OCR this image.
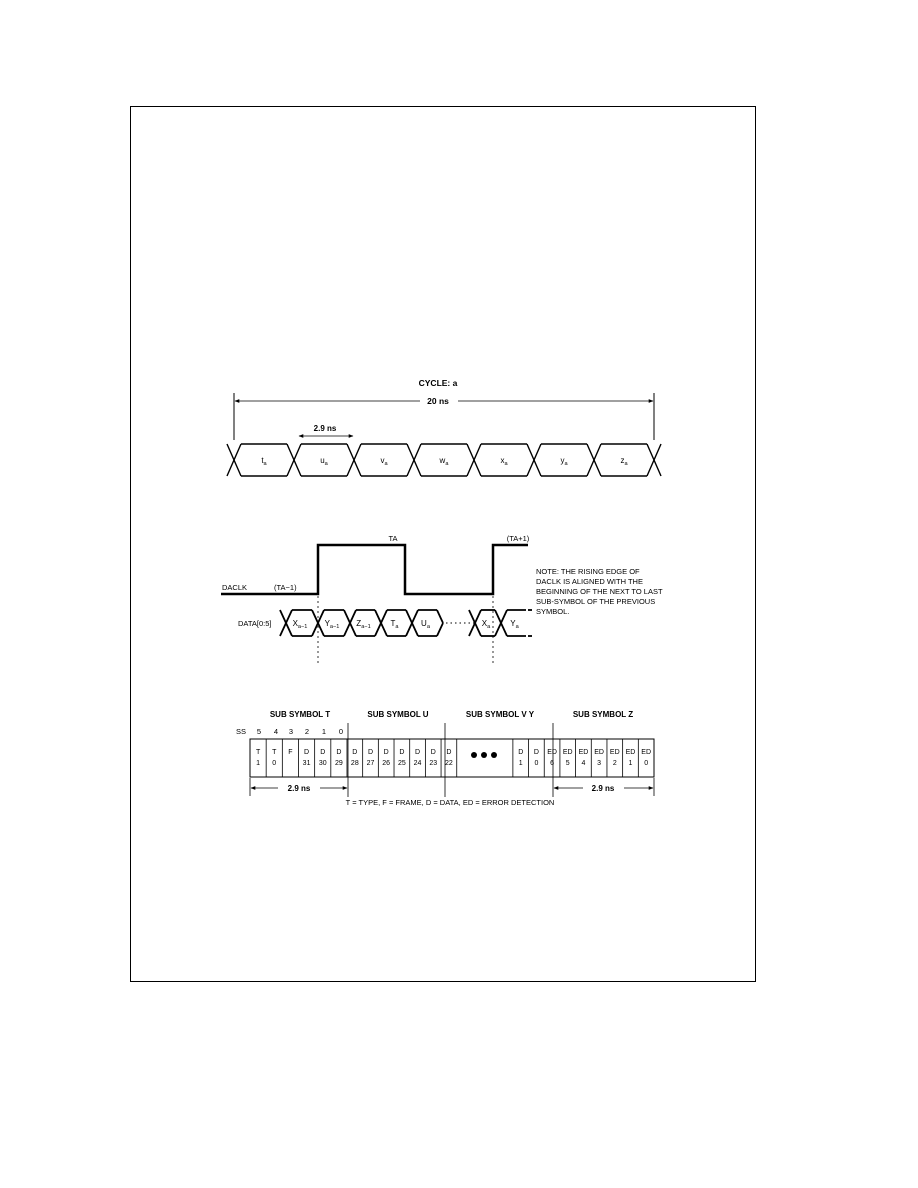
CYCLE: a
20 ns
2.9 ns
$t_a$	$u_a$	$v_a$	$w_a$	$x_a$	$y_a$	$z_a$
DACLK	(TA−1)
TA	(TA+1)
DATA[0:5]	$X_{a-1}$ $Y_{a-1}$ $Z_{a-1}$ $T_a$	$U_a$	$X_a$	$Y_a$
NOTE: THE RISING EDGE OF
DACLK IS ALIGNED WITH THE
BEGINNING OF THE NEXT TO LAST
SUB-SYMBOL OF THE PREVIOUS
SYMBOL.
SUB SYMBOL T	SUB SYMBOL U	SUB SYMBOL V Y	SUB SYMBOL Z
SS 5 4 3 2 1 0
T
1
T
0
F D
31
D
30
D
29
D
28
D
27
D
26
D
25
D
24
D
23
D
22
D
1
D
0
ED
6
ED
5
ED
4
ED
3
ED
2
ED
1
ED
0
2.9 ns	2.9 ns
T = TYPE, F = FRAME, D = DATA, ED = ERROR DETECTION
